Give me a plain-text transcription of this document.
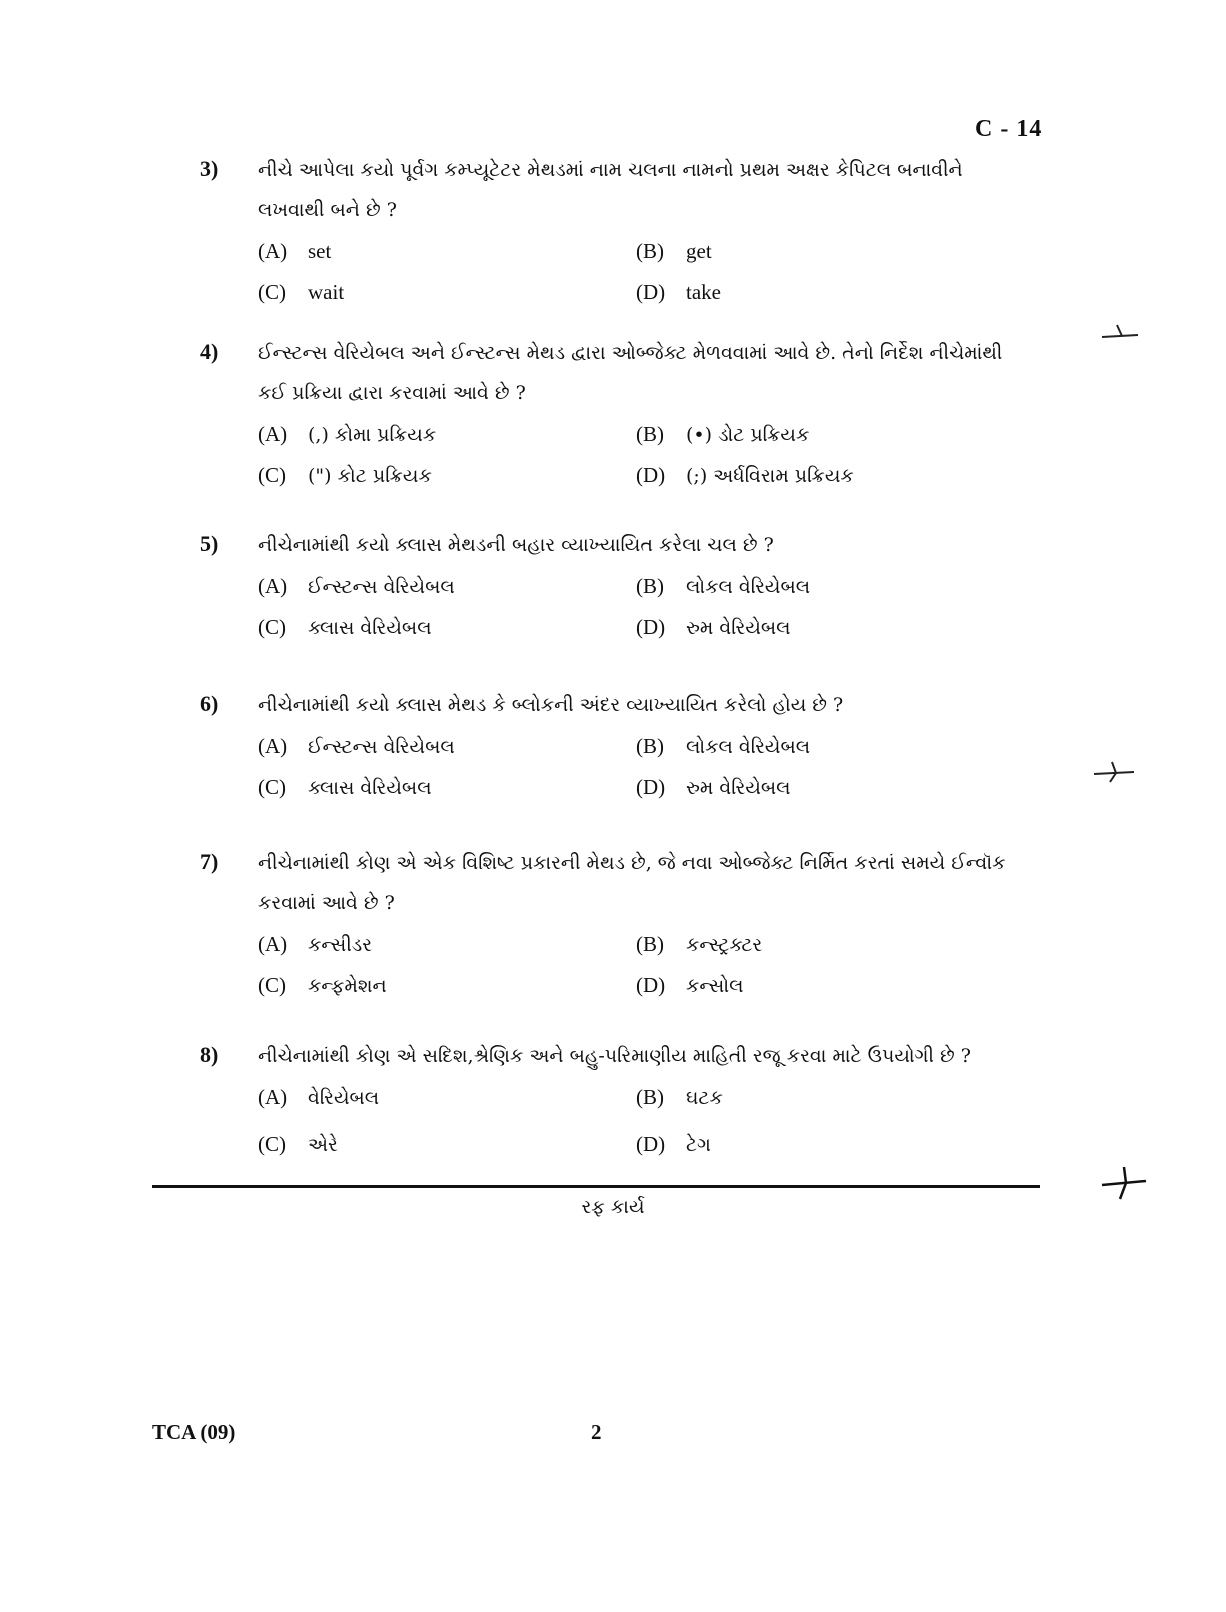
C - 14
3) નીચે આપેલા કયો પૂર્વગ કમ્પ્યૂટેટર મેથડમાં નામ ચલના નામનો પ્રથમ અક્ષર કેપિટલ બનાવીને લખવાથી બને છે ?
(A) set	(B) get
(C) wait	(D) take
4) ઈન્સ્ટન્સ વેરિયેબલ અને ઈન્સ્ટન્સ મેથડ દ્વારા ઓબ્જેક્ટ મેળવવામાં આવે છે. તેનો નિર્દેશ નીચેમાંથી કઈ પ્રક્રિયા દ્વારા કરવામાં આવે છે ?
(A) (,) કોમા પ્રક્રિયક	(B) (•) ડોટ પ્રક્રિયક
(C) (") કોટ પ્રક્રિયક	(D) (;) અર્ધવિરામ પ્રક્રિયક
5) નીચેનામાંથી કયો ક્લાસ મેથડની બહાર વ્યાખ્યાયિત કરેલા ચલ છે ?
(A) ઈન્સ્ટન્સ વેરિયેબલ	(B) લોકલ વેરિયેબલ
(C) ક્લાસ વેરિયેબલ	(D) રુમ વેરિયેબલ
6) નીચેનામાંથી કયો ક્લાસ મેથડ કે બ્લોકની અંદર વ્યાખ્યાયિત કરેલો હોય છે ?
(A) ઈન્સ્ટન્સ વેરિયેબલ	(B) લોકલ વેરિયેબલ
(C) ક્લાસ વેરિયેબલ	(D) રુમ વેરિયેબલ
7) નીચેનામાંથી કોણ એ એક વિશિષ્ટ પ્રકારની મેથડ છે, જે નવા ઓબ્જેક્ટ નિર્મિત કરતાં સમયે ઈન્વૉક કરવામાં આવે છે ?
(A) કન્સીડર	(B) કન્સ્ટ્રક્ટર
(C) કન્ફમેશન	(D) કન્સોલ
8) નીચેનામાંથી કોણ એ સદિશ,શ્રેણિક અને બહુ-પરિમાણીય માહિતી રજૂ કરવા માટે ઉપયોગી છે ?
(A) વેરિયેબલ	(B) ઘટક
(C) એરે	(D) ટેગ
રફ કાર્ય
TCA (09)	2
